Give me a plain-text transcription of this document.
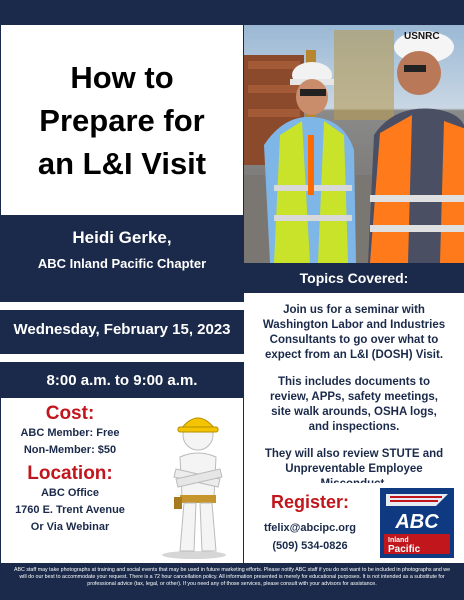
How to
Prepare for
an L&I Visit
USNRC
Heidi Gerke,
ABC Inland Pacific Chapter
Wednesday, February 15, 2023
8:00 a.m. to 9:00 a.m.
Topics Covered:

Join us for a seminar with Washington Labor and Industries Consultants to go over what to expect from an L&I (DOSH) Visit.

This includes documents to review, APPs, safety meetings, site walk arounds, OSHA logs, and inspections.

They will also review STUTE and Unpreventable Employee

Cost:
ABC Member: Free
Non-Member: $50
Location:
ABC Office
1760 E. Trent Avenue
Or Via Webinar
Register:
tfelix@abcipc.org
(509) 534-0826
ABC
Inland
Pacific
ABC staff may take photographs at training and social events that may be used in future marketing efforts. Please notify ABC staff if you do not want to be included in photographs and we will do our best to accommodate your request. There is a 72 hour cancellation policy. All information presented is merely for educational purposes. It is not intended as a substitute for professional advice (tax, legal, or other). If you need any of those services, please consult with your advisors for assistance.
